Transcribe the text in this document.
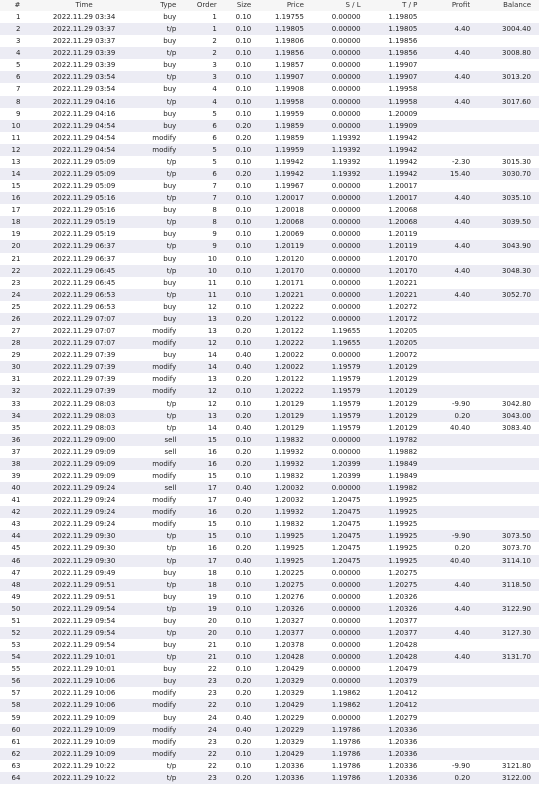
#	Time	Type	Order	Size	Price	S / L	T / P	Profit	Balance
1	2022.11.29 03:34	buy	1	0.10	1.19755	0.00000	1.19805		
2	2022.11.29 03:37	t/p	1	0.10	1.19805	0.00000	1.19805	4.40	3004.40
3	2022.11.29 03:37	buy	2	0.10	1.19806	0.00000	1.19856		
4	2022.11.29 03:39	t/p	2	0.10	1.19856	0.00000	1.19856	4.40	3008.80
5	2022.11.29 03:39	buy	3	0.10	1.19857	0.00000	1.19907		
6	2022.11.29 03:54	t/p	3	0.10	1.19907	0.00000	1.19907	4.40	3013.20
7	2022.11.29 03:54	buy	4	0.10	1.19908	0.00000	1.19958		
8	2022.11.29 04:16	t/p	4	0.10	1.19958	0.00000	1.19958	4.40	3017.60
9	2022.11.29 04:16	buy	5	0.10	1.19959	0.00000	1.20009		
10	2022.11.29 04:54	buy	6	0.20	1.19859	0.00000	1.19909		
11	2022.11.29 04:54	modify	6	0.20	1.19859	1.19392	1.19942		
12	2022.11.29 04:54	modify	5	0.10	1.19959	1.19392	1.19942		
13	2022.11.29 05:09	t/p	5	0.10	1.19942	1.19392	1.19942	-2.30	3015.30
14	2022.11.29 05:09	t/p	6	0.20	1.19942	1.19392	1.19942	15.40	3030.70
15	2022.11.29 05:09	buy	7	0.10	1.19967	0.00000	1.20017		
16	2022.11.29 05:16	t/p	7	0.10	1.20017	0.00000	1.20017	4.40	3035.10
17	2022.11.29 05:16	buy	8	0.10	1.20018	0.00000	1.20068		
18	2022.11.29 05:19	t/p	8	0.10	1.20068	0.00000	1.20068	4.40	3039.50
19	2022.11.29 05:19	buy	9	0.10	1.20069	0.00000	1.20119		
20	2022.11.29 06:37	t/p	9	0.10	1.20119	0.00000	1.20119	4.40	3043.90
21	2022.11.29 06:37	buy	10	0.10	1.20120	0.00000	1.20170		
22	2022.11.29 06:45	t/p	10	0.10	1.20170	0.00000	1.20170	4.40	3048.30
23	2022.11.29 06:45	buy	11	0.10	1.20171	0.00000	1.20221		
24	2022.11.29 06:53	t/p	11	0.10	1.20221	0.00000	1.20221	4.40	3052.70
25	2022.11.29 06:53	buy	12	0.10	1.20222	0.00000	1.20272		
26	2022.11.29 07:07	buy	13	0.20	1.20122	0.00000	1.20172		
27	2022.11.29 07:07	modify	13	0.20	1.20122	1.19655	1.20205		
28	2022.11.29 07:07	modify	12	0.10	1.20222	1.19655	1.20205		
29	2022.11.29 07:39	buy	14	0.40	1.20022	0.00000	1.20072		
30	2022.11.29 07:39	modify	14	0.40	1.20022	1.19579	1.20129		
31	2022.11.29 07:39	modify	13	0.20	1.20122	1.19579	1.20129		
32	2022.11.29 07:39	modify	12	0.10	1.20222	1.19579	1.20129		
33	2022.11.29 08:03	t/p	12	0.10	1.20129	1.19579	1.20129	-9.90	3042.80
34	2022.11.29 08:03	t/p	13	0.20	1.20129	1.19579	1.20129	0.20	3043.00
35	2022.11.29 08:03	t/p	14	0.40	1.20129	1.19579	1.20129	40.40	3083.40
36	2022.11.29 09:00	sell	15	0.10	1.19832	0.00000	1.19782		
37	2022.11.29 09:09	sell	16	0.20	1.19932	0.00000	1.19882		
38	2022.11.29 09:09	modify	16	0.20	1.19932	1.20399	1.19849		
39	2022.11.29 09:09	modify	15	0.10	1.19832	1.20399	1.19849		
40	2022.11.29 09:24	sell	17	0.40	1.20032	0.00000	1.19982		
41	2022.11.29 09:24	modify	17	0.40	1.20032	1.20475	1.19925		
42	2022.11.29 09:24	modify	16	0.20	1.19932	1.20475	1.19925		
43	2022.11.29 09:24	modify	15	0.10	1.19832	1.20475	1.19925		
44	2022.11.29 09:30	t/p	15	0.10	1.19925	1.20475	1.19925	-9.90	3073.50
45	2022.11.29 09:30	t/p	16	0.20	1.19925	1.20475	1.19925	0.20	3073.70
46	2022.11.29 09:30	t/p	17	0.40	1.19925	1.20475	1.19925	40.40	3114.10
47	2022.11.29 09:49	buy	18	0.10	1.20225	0.00000	1.20275		
48	2022.11.29 09:51	t/p	18	0.10	1.20275	0.00000	1.20275	4.40	3118.50
49	2022.11.29 09:51	buy	19	0.10	1.20276	0.00000	1.20326		
50	2022.11.29 09:54	t/p	19	0.10	1.20326	0.00000	1.20326	4.40	3122.90
51	2022.11.29 09:54	buy	20	0.10	1.20327	0.00000	1.20377		
52	2022.11.29 09:54	t/p	20	0.10	1.20377	0.00000	1.20377	4.40	3127.30
53	2022.11.29 09:54	buy	21	0.10	1.20378	0.00000	1.20428		
54	2022.11.29 10:01	t/p	21	0.10	1.20428	0.00000	1.20428	4.40	3131.70
55	2022.11.29 10:01	buy	22	0.10	1.20429	0.00000	1.20479		
56	2022.11.29 10:06	buy	23	0.20	1.20329	0.00000	1.20379		
57	2022.11.29 10:06	modify	23	0.20	1.20329	1.19862	1.20412		
58	2022.11.29 10:06	modify	22	0.10	1.20429	1.19862	1.20412		
59	2022.11.29 10:09	buy	24	0.40	1.20229	0.00000	1.20279		
60	2022.11.29 10:09	modify	24	0.40	1.20229	1.19786	1.20336		
61	2022.11.29 10:09	modify	23	0.20	1.20329	1.19786	1.20336		
62	2022.11.29 10:09	modify	22	0.10	1.20429	1.19786	1.20336		
63	2022.11.29 10:22	t/p	22	0.10	1.20336	1.19786	1.20336	-9.90	3121.80
64	2022.11.29 10:22	t/p	23	0.20	1.20336	1.19786	1.20336	0.20	3122.00
